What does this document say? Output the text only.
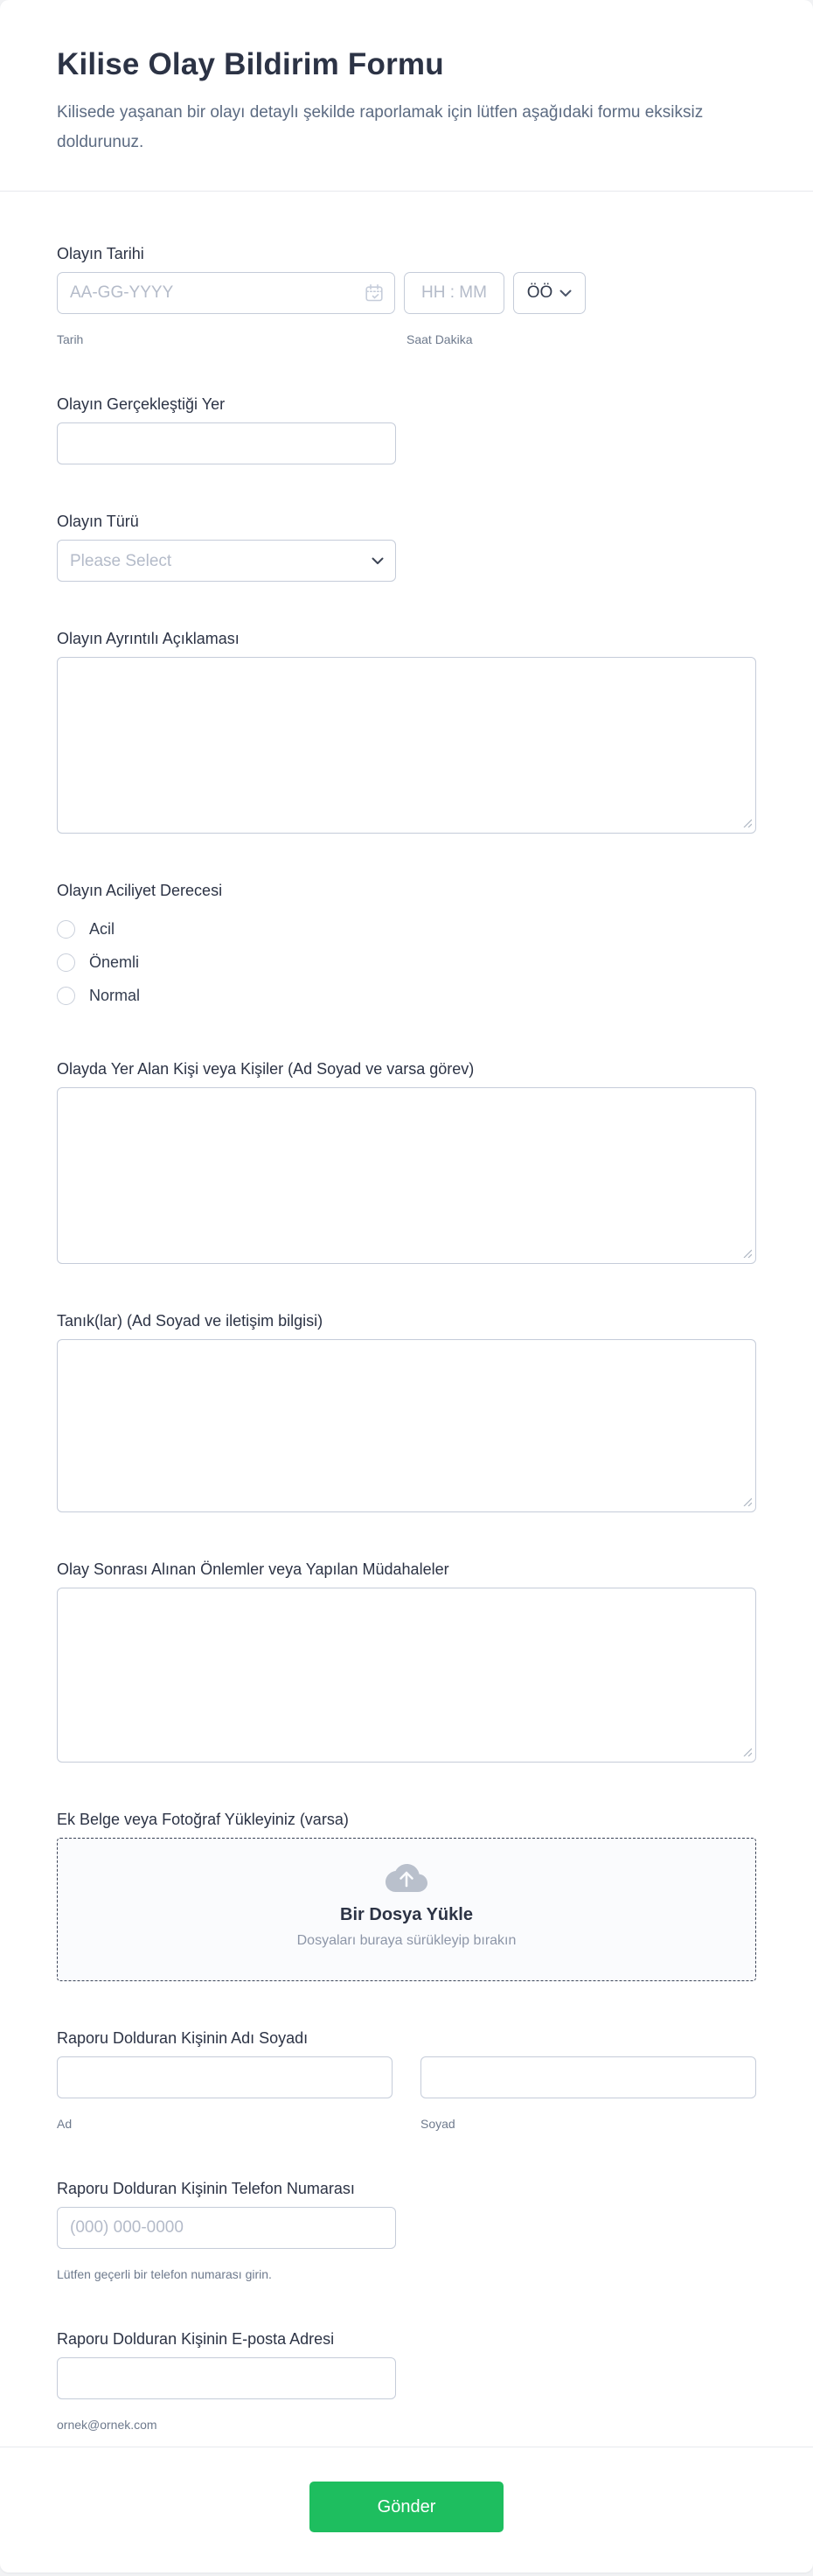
Kilise Olay Bildirim Formu

Kilisede yaşanan bir olayı detaylı şekilde raporlamak için lütfen aşağıdaki formu eksiksiz doldurunuz.

Olayın Tarihi
AA-GG-YYYY
HH : MM
ÖÖ
Tarih	Saat Dakika
Olayın Gerçekleştiği Yer
Olayın Türü
Please Select
Olayın Ayrıntılı Açıklaması
Olayın Aciliyet Derecesi
Acil
Önemli
Normal
Olayda Yer Alan Kişi veya Kişiler (Ad Soyad ve varsa görev)
Tanık(lar) (Ad Soyad ve iletişim bilgisi)
Olay Sonrası Alınan Önlemler veya Yapılan Müdahaleler
Ek Belge veya Fotoğraf Yükleyiniz (varsa)
Bir Dosya Yükle
Dosyaları buraya sürükleyip bırakın
Raporu Dolduran Kişinin Adı Soyadı
Ad	Soyad
Raporu Dolduran Kişinin Telefon Numarası
(000) 000-0000
Lütfen geçerli bir telefon numarası girin.
Raporu Dolduran Kişinin E-posta Adresi
ornek@ornek.com
Gönder
